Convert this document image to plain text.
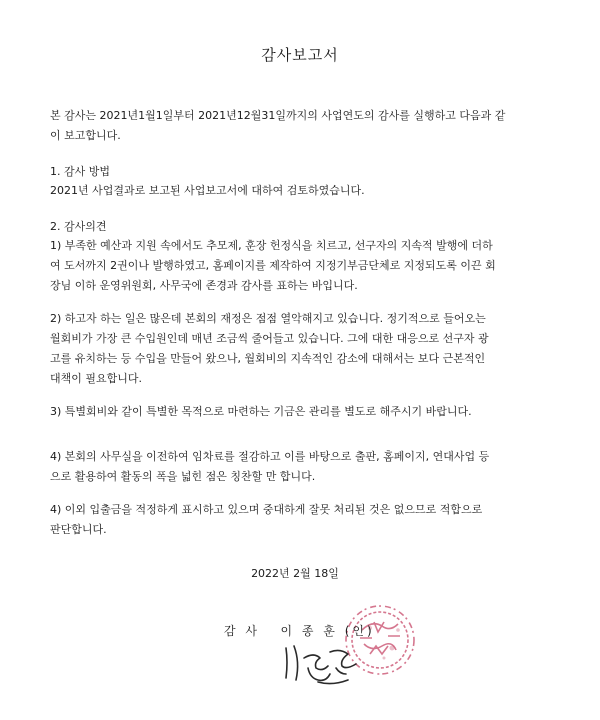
감사보고서

본 감사는 2021년1월1일부터 2021년12월31일까지의 사업연도의 감사를 실행하고 다음과 같
이 보고합니다.

1. 감사 방법

2021년 사업결과로 보고된 사업보고서에 대하여 검토하였습니다.

2. 감사의견

1) 부족한 예산과 지원 속에서도 추모제, 훈장 헌정식을 치르고, 선구자의 지속적 발행에 더하
여 도서까지 2권이나 발행하였고, 홈페이지를 제작하여 지정기부금단체로 지정되도록 이끈 회
장님 이하 운영위원회, 사무국에 존경과 감사를 표하는 바입니다.

2) 하고자 하는 일은 많은데 본회의 재정은 점점 열악해지고 있습니다. 정기적으로 들어오는
월회비가 가장 큰 수입원인데 매년 조금씩 줄어들고 있습니다. 그에 대한 대응으로 선구자 광
고를 유치하는 등 수입을 만들어 왔으나, 월회비의 지속적인 감소에 대해서는 보다 근본적인
대책이 필요합니다.

3) 특별회비와 같이 특별한 목적으로 마련하는 기금은 관리를 별도로 해주시기 바랍니다.

4) 본회의 사무실을 이전하여 임차료를 절감하고 이를 바탕으로 출판, 홈페이지, 연대사업 등
으로 활용하여 활동의 폭을 넓힌 점은 칭찬할 만 합니다.

4) 이외 입출금을 적정하게 표시하고 있으며 중대하게 잘못 처리된 것은 없으므로 적합으로
판단합니다.

2022년 2월 18일
감 사 이 종 훈 (인)
